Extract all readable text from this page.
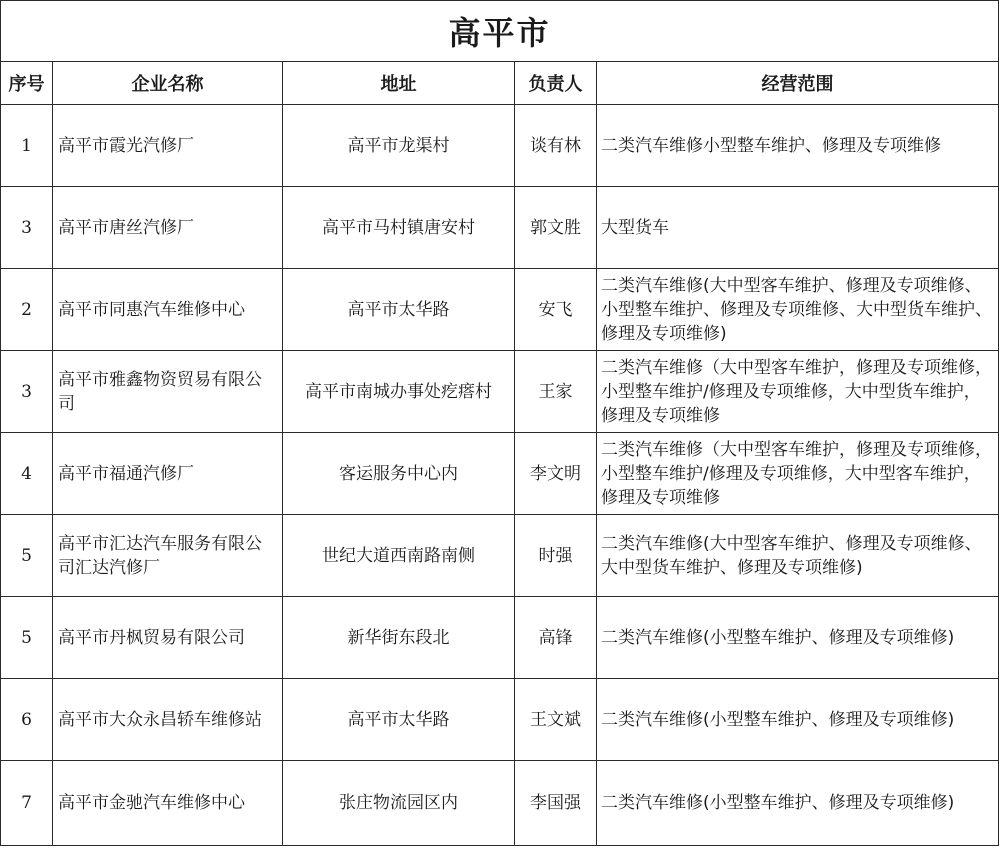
高平市				
序号	企业名称	地址	负责人	经营范围
1	高平市霞光汽修厂	高平市龙渠村	谈有林	二类汽车维修小型整车维护、修理及专项维修
3	高平市唐丝汽修厂	高平市马村镇唐安村	郭文胜	大型货车
2	高平市同惠汽车维修中心	高平市太华路	安飞	二类汽车维修(大中型客车维护、修理及专项维修、小型整车维护、修理及专项维修、大中型货车维护、修理及专项维修)
3	高平市雅鑫物资贸易有限公司	高平市南城办事处疙瘩村	王家	二类汽车维修（大中型客车维护，修理及专项维修，小型整车维护/修理及专项维修，大中型货车维护，修理及专项维修
4	高平市福通汽修厂	客运服务中心内	李文明	二类汽车维修（大中型客车维护，修理及专项维修，小型整车维护/修理及专项维修，大中型客车维护，修理及专项维修
5	高平市汇达汽车服务有限公司汇达汽修厂	世纪大道西南路南侧	时强	二类汽车维修(大中型客车维护、修理及专项维修、大中型货车维护、修理及专项维修)
5	高平市丹枫贸易有限公司	新华街东段北	高锋	二类汽车维修(小型整车维护、修理及专项维修)
6	高平市大众永昌轿车维修站	高平市太华路	王文斌	二类汽车维修(小型整车维护、修理及专项维修)
7	高平市金驰汽车维修中心	张庄物流园区内	李国强	二类汽车维修(小型整车维护、修理及专项维修)
